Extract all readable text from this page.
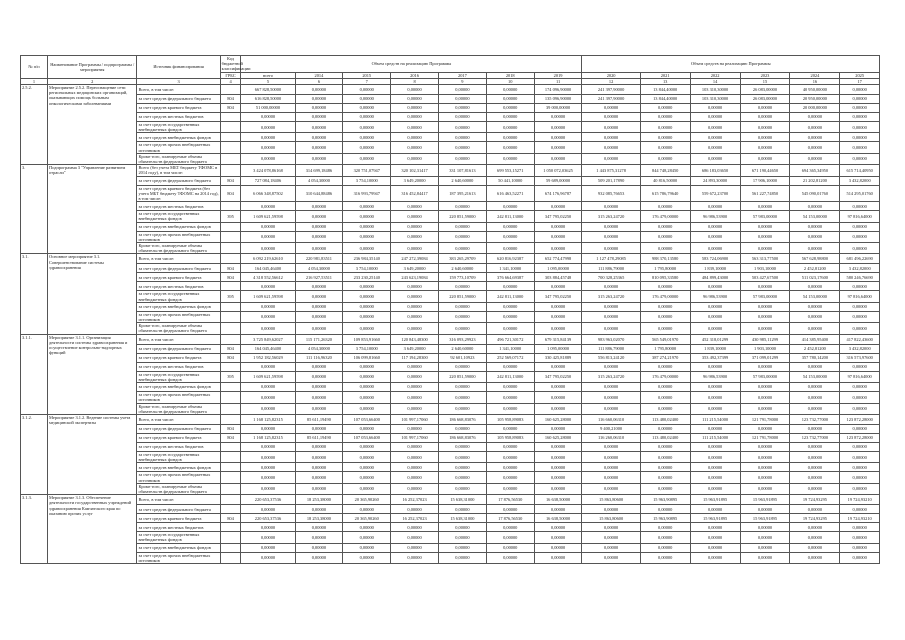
№ п/п	Наименование Программы / подпрограммы / мероприятия	Источник финансирования	Код бюджетной классификации	Объем средств на реализацию Программы							Объем средств на реализацию Программы					
			ГРБС	всего	2014	2015	2016	2017	2018	2019	2020	2021	2022	2023	2024	2025
1	2	3	4	5	6	7	8	9	10	11	12	13	14	15	16	17
2.5.2.	Мероприятие 2.5.2. Переоснащение сети региональных медицинских организаций, оказывающих помощь больным онкологическими заболеваниями	Всего, в том числе:		667 828,50000	0,00000	0,00000	0,00000	0,00000	0,00000	174 096,90000	241 397,90000	13 844,40000	103 310,30000	26 083,00000	40 950,00000	0,00000
		за счет средств федерального бюджета	804	616 828,50000	0,00000	0,00000	0,00000	0,00000	0,00000	135 096,90000	241 397,90000	13 844,40000	103 310,30000	26 083,00000	20 950,00000	0,00000
		за счет средств краевого бюджета	804	51 000,00000	0,00000	0,00000	0,00000	0,00000	0,00000	39 000,00000	0,00000	0,00000	0,00000	0,00000	20 000,00000	0,00000
		за счет средств местных бюджетов		0,00000	0,00000	0,00000	0,00000	0,00000	0,00000	0,00000	0,00000	0,00000	0,00000	0,00000	0,00000	0,00000
		за счет средств государственных внебюджетных фондов		0,00000	0,00000	0,00000	0,00000	0,00000	0,00000	0,00000	0,00000	0,00000	0,00000	0,00000	0,00000	0,00000
		за счет средств внебюджетных фондов		0,00000	0,00000	0,00000	0,00000	0,00000	0,00000	0,00000	0,00000	0,00000	0,00000	0,00000	0,00000	0,00000
		за счет средств прочих внебюджетных источников		0,00000	0,00000	0,00000	0,00000	0,00000	0,00000	0,00000	0,00000	0,00000	0,00000	0,00000	0,00000	0,00000
		Кроме того, планируемые объемы обязательств федерального бюджета		0,00000	0,00000	0,00000	0,00000	0,00000	0,00000	0,00000	0,00000	0,00000	0,00000	0,00000	0,00000	0,00000
3.	Подпрограмма 3 "Управление развитием отрасли"	Всего (без учета МБТ бюджету ТФОМС в 2014 году), в том числе:		3 424 078,86168	314 699,18486	320 751,07947	320 102,31417	331 107,81613	699 553,15271	1 050 072,03625	1 443 875,31278	844 748,28450	686 183,03650	671 190,44650	694 365,34950	615 714,40950
		за счет средств федерального бюджета	804	727 084,18406	4 054,30000	3 754,10000	3 649,20000	2 640,60000	50 441,10000	59 689,00000	509 201,17890	40 816,50000	24 893,30000	17 906,10000	21 202,81200	3 432,82000
		за счет средств краевого бюджета (без учета МБТ бюджету ТФОМС на 2014 год), в том числе:	804	6 066 348,87502	310 644,88486	316 993,79947	316 452,84417	187 395,21613	616 463,52271	674 176,96787	932 085,76653	615 786,79640	559 672,23700	561 227,74850	545 090,01760	514 295,01760
		за счет средств местных бюджетов		0,00000	0,00000	0,00000	0,00000	0,00000	0,00000	0,00000	0,00000	0,00000	0,00000	0,00000	0,00000	0,00000
		за счет средств государственных внебюджетных фондов	395	1 609 621,59598	0,00000	0,00000	0,00000	220 851,59000	242 811,13000	347 795,02250	315 263,24720	176 479,00000	96 986,53900	57 983,00000	54 153,00000	97 816,64000
		за счет средств внебюджетных фондов		0,00000	0,00000	0,00000	0,00000	0,00000	0,00000	0,00000	0,00000	0,00000	0,00000	0,00000	0,00000	0,00000
		за счет средств прочих внебюджетных источников		0,00000	0,00000	0,00000	0,00000	0,00000	0,00000	0,00000	0,00000	0,00000	0,00000	0,00000	0,00000	0,00000
		Кроме того, планируемые объемы обязательств федерального бюджета		0,00000	0,00000	0,00000	0,00000	0,00000	0,00000	0,00000	0,00000	0,00000	0,00000	0,00000	0,00000	0,00000
3.1.	Основное мероприятие 3.1. Совершенствование системы здравоохранения	Всего, в том числе:		6 092 219,62610	220 981,83511	236 984,35140	247 272,39084	383 265,29709	620 816,92387	652 774,47998	1 127 478,29085	988 370,13580	583 724,06900	563 313,77500	567 628,98800	681 496,22690
		за счет средств федерального бюджета	804	164 045,46400	4 054,30000	3 754,10000	3 649,20000	2 640,60000	1 341,10000	1 095,00000	111 886,79000	1 795,80000	1 839,10000	1 903,10000	2 452,81200	3 432,82000
		за счет средств краевого бюджета	804	4 318 552,56612	216 927,53511	233 230,25140	243 623,19084	159 773,10709	376 664,69387	303 884,45748	700 328,25365	810 095,33580	484 899,43000	503 427,67500	511 023,17600	580 246,76690
		за счет средств местных бюджетов		0,00000	0,00000	0,00000	0,00000	0,00000	0,00000	0,00000	0,00000	0,00000	0,00000	0,00000	0,00000	0,00000
		за счет средств государственных внебюджетных фондов	395	1 609 621,59598	0,00000	0,00000	0,00000	220 851,59000	242 811,13000	347 795,02250	315 263,24720	176 479,00000	96 986,53900	57 983,00000	54 153,00000	97 816,64000
		за счет средств внебюджетных фондов		0,00000	0,00000	0,00000	0,00000	0,00000	0,00000	0,00000	0,00000	0,00000	0,00000	0,00000	0,00000	0,00000
		за счет средств прочих внебюджетных источников		0,00000	0,00000	0,00000	0,00000	0,00000	0,00000	0,00000	0,00000	0,00000	0,00000	0,00000	0,00000	0,00000
		Кроме того, планируемые объемы обязательств федерального бюджета		0,00000	0,00000	0,00000	0,00000	0,00000	0,00000	0,00000	0,00000	0,00000	0,00000	0,00000	0,00000	0,00000
3.1.1.	Мероприятие 3.1.1. Организация деятельности системы здравоохранения и осуществление контрольно-надзорных функций	Всего, в том числе:		3 725 849,62027	115 171,26320	109 853,91660	120 843,48300	316 093,29923	496 721,30172	679 315,84139	983 963,02070	565 549,01970	452 318,01299	430 985,11299	414 385,95400	417 822,43600
		за счет средств федерального бюджета	804	164 045,46400	4 054,30000	3 754,10000	3 649,20000	2 640,60000	1 341,10000	1 095,00000	111 886,79000	1 795,80000	1 839,10000	1 903,10000	2 452,81200	3 432,82000
		за счет средств краевого бюджета	804	1 952 182,56029	111 116,96320	106 099,81660	117 194,28300	92 601,10923	252 569,07172	330 425,81889	556 813,24120	387 274,21970	353 492,37399	371 099,01299	357 780,14200	316 573,97600
		за счет средств местных бюджетов		0,00000	0,00000	0,00000	0,00000	0,00000	0,00000	0,00000	0,00000	0,00000	0,00000	0,00000	0,00000	0,00000
		за счет средств государственных внебюджетных фондов	395	1 609 621,59598	0,00000	0,00000	0,00000	220 851,59000	242 811,13000	347 795,02250	315 263,24720	176 479,00000	96 986,53900	57 983,00000	54 153,00000	97 816,64000
		за счет средств внебюджетных фондов		0,00000	0,00000	0,00000	0,00000	0,00000	0,00000	0,00000	0,00000	0,00000	0,00000	0,00000	0,00000	0,00000
		за счет средств прочих внебюджетных источников		0,00000	0,00000	0,00000	0,00000	0,00000	0,00000	0,00000	0,00000	0,00000	0,00000	0,00000	0,00000	0,00000
		Кроме того, планируемые объемы обязательств федерального бюджета		0,00000	0,00000	0,00000	0,00000	0,00000	0,00000	0,00000	0,00000	0,00000	0,00000	0,00000	0,00000	0,00000
3.1.2.	Мероприятие 3.1.2. Ведение системы учета медицинской экспертизы	Всего, в том числе:		1 168 125,82315	85 611,19490	107 053,66400	101 997,17060	186 668,83076	105 958,89083	160 625,28000	116 660,06310	113 480,02400	111 215,54000	121 791,78000	123 732,77000	123 872,28000
		за счет средств федерального бюджета	804	0,00000	0,00000	0,00000	0,00000	0,00000	0,00000	0,00000	9 400,21000	0,00000	0,00000	0,00000	0,00000	0,00000
		за счет средств краевого бюджета	804	1 168 125,82315	85 611,19490	107 053,66400	101 997,17060	186 668,83076	105 958,89083	160 625,28000	116 260,06310	113 480,02400	111 215,54000	121 791,78000	123 732,77000	123 872,28000
		за счет средств местных бюджетов		0,00000	0,00000	0,00000	0,00000	0,00000	0,00000	0,00000	0,00000	0,00000	0,00000	0,00000	0,00000	0,00000
		за счет средств государственных внебюджетных фондов		0,00000	0,00000	0,00000	0,00000	0,00000	0,00000	0,00000	0,00000	0,00000	0,00000	0,00000	0,00000	0,00000
		за счет средств внебюджетных фондов		0,00000	0,00000	0,00000	0,00000	0,00000	0,00000	0,00000	0,00000	0,00000	0,00000	0,00000	0,00000	0,00000
		за счет средств прочих внебюджетных источников		0,00000	0,00000	0,00000	0,00000	0,00000	0,00000	0,00000	0,00000	0,00000	0,00000	0,00000	0,00000	0,00000
		Кроме того, планируемые объемы обязательств федерального бюджета		0,00000	0,00000	0,00000	0,00000	0,00000	0,00000	0,00000	0,00000	0,00000	0,00000	0,00000	0,00000	0,00000
3.1.3.	Мероприятие 3.1.3. Обеспечение деятельности государственных учреждений здравоохранения Камчатского края по оказанию прочих услуг	Всего, в том числе:		220 653,37536	18 253,38000	20 365,90260	16 252,37023	15 638,31000	17 876,56530	16 638,50000	15 863,80600	15 963,90895	15 963,91895	15 963,91895	19 724,93295	19 724,93210
		за счет средств федерального бюджета		0,00000	0,00000	0,00000	0,00000	0,00000	0,00000	0,00000	0,00000	0,00000	0,00000	0,00000	0,00000	0,00000
		за счет средств краевого бюджета	804	220 653,37536	18 253,38000	20 365,90260	16 252,37023	15 638,31000	17 876,56530	16 638,50000	15 863,80600	15 963,90895	15 963,91895	15 963,91895	19 724,93295	19 724,93210
		за счет средств местных бюджетов		0,00000	0,00000	0,00000	0,00000	0,00000	0,00000	0,00000	0,00000	0,00000	0,00000	0,00000	0,00000	0,00000
		за счет средств государственных внебюджетных фондов		0,00000	0,00000	0,00000	0,00000	0,00000	0,00000	0,00000	0,00000	0,00000	0,00000	0,00000	0,00000	0,00000
		за счет средств внебюджетных фондов		0,00000	0,00000	0,00000	0,00000	0,00000	0,00000	0,00000	0,00000	0,00000	0,00000	0,00000	0,00000	0,00000
		за счет средств прочих внебюджетных источников		0,00000	0,00000	0,00000	0,00000	0,00000	0,00000	0,00000	0,00000	0,00000	0,00000	0,00000	0,00000	0,00000
